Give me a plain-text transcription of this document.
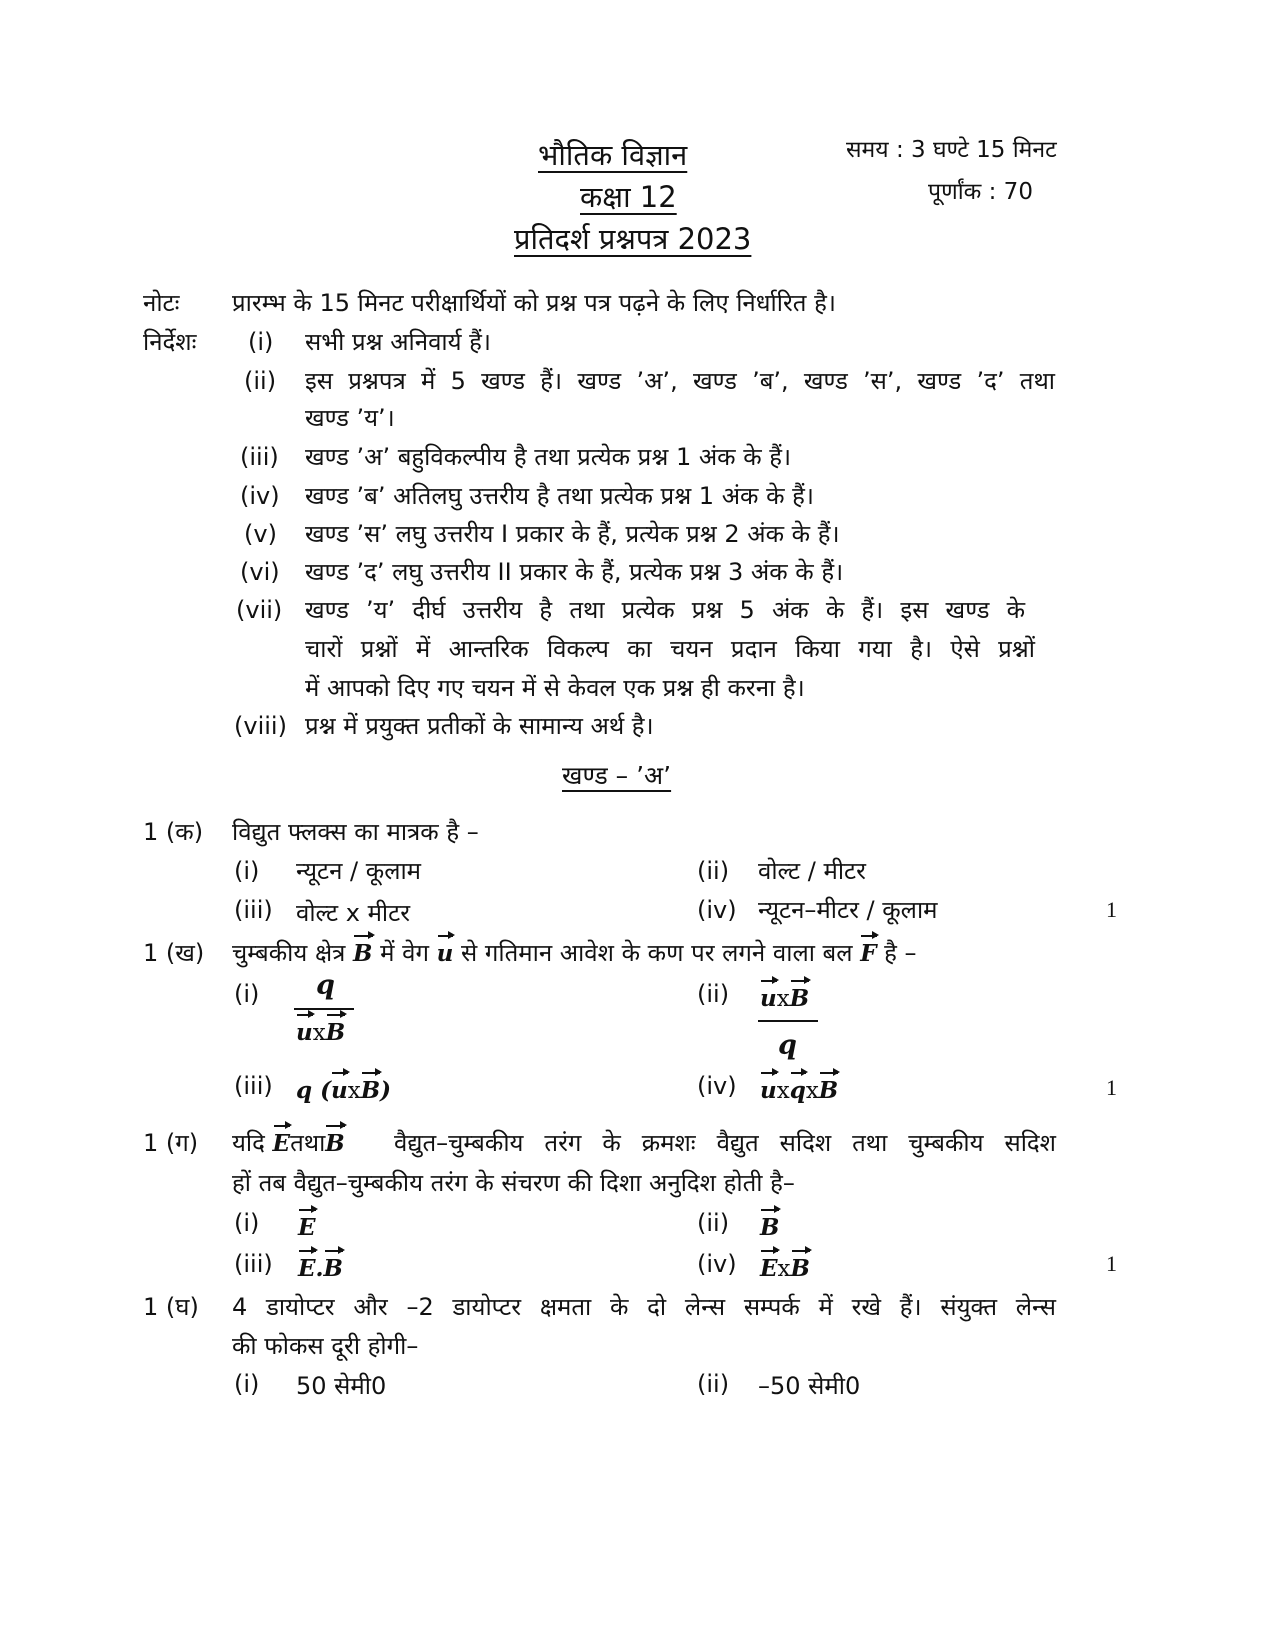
भौतिक विज्ञान
कक्षा 12
प्रतिदर्श प्रश्नपत्र 2023
समय : 3 घण्टे 15 मिनट
पूर्णांक : 70
नोटः प्रारम्भ के 15 मिनट परीक्षार्थियों को प्रश्न पत्र पढ़ने के लिए निर्धारित है।
निर्देशः (i) सभी प्रश्न अनिवार्य हैं।
(ii) इस प्रश्नपत्र में 5 खण्ड हैं। खण्ड ’अ’, खण्ड ’ब’, खण्ड ’स’, खण्ड ’द’ तथा
खण्ड ’य’।
(iii) खण्ड ’अ’ बहुविकल्पीय है तथा प्रत्येक प्रश्न 1 अंक के हैं।
(iv) खण्ड ’ब’ अतिलघु उत्तरीय है तथा प्रत्येक प्रश्न 1 अंक के हैं।
(v) खण्ड ’स’ लघु उत्तरीय I प्रकार के हैं, प्रत्येक प्रश्न 2 अंक के हैं।
(vi) खण्ड ’द’ लघु उत्तरीय II प्रकार के हैं, प्रत्येक प्रश्न 3 अंक के हैं।
(vii) खण्ड ’य’ दीर्घ उत्तरीय है तथा प्रत्येक प्रश्न 5 अंक के हैं। इस खण्ड के
चारों प्रश्नों में आन्तरिक विकल्प का चयन प्रदान किया गया है। ऐसे प्रश्नों
में आपको दिए गए चयन में से केवल एक प्रश्न ही करना है।
(viii) प्रश्न में प्रयुक्त प्रतीकों के सामान्य अर्थ है।
खण्ड – ’अ’
1 (क) विद्युत फ्लक्स का मात्रक है –
(i) न्यूटन / कूलाम	(ii) वोल्ट / मीटर
(iii) वोल्ट x मीटर	(iv) न्यूटन–मीटर / कूलाम	1
1 (ख) चुम्बकीय क्षेत्र B में वेग u से गतिमान आवेश के कण पर लगने वाला बल F है –
(i) q
uxB
(ii) uxB
q
(iii) q (uxB)	(iv) uxqxB	1
1 (ग) यदि EतथाB वैद्युत–चुम्बकीय तरंग के क्रमशः वैद्युत सदिश तथा चुम्बकीय सदिश
हों तब वैद्युत–चुम्बकीय तरंग के संचरण की दिशा अनुदिश होती है–
(i) E	(ii) B
(iii) E.B	(iv) ExB	1
1 (घ) 4 डायोप्टर और –2 डायोप्टर क्षमता के दो लेन्स सम्पर्क में रखे हैं। संयुक्त लेन्स
की फोकस दूरी होगी–
(i) 50 सेमी0	(ii) –50 सेमी0
